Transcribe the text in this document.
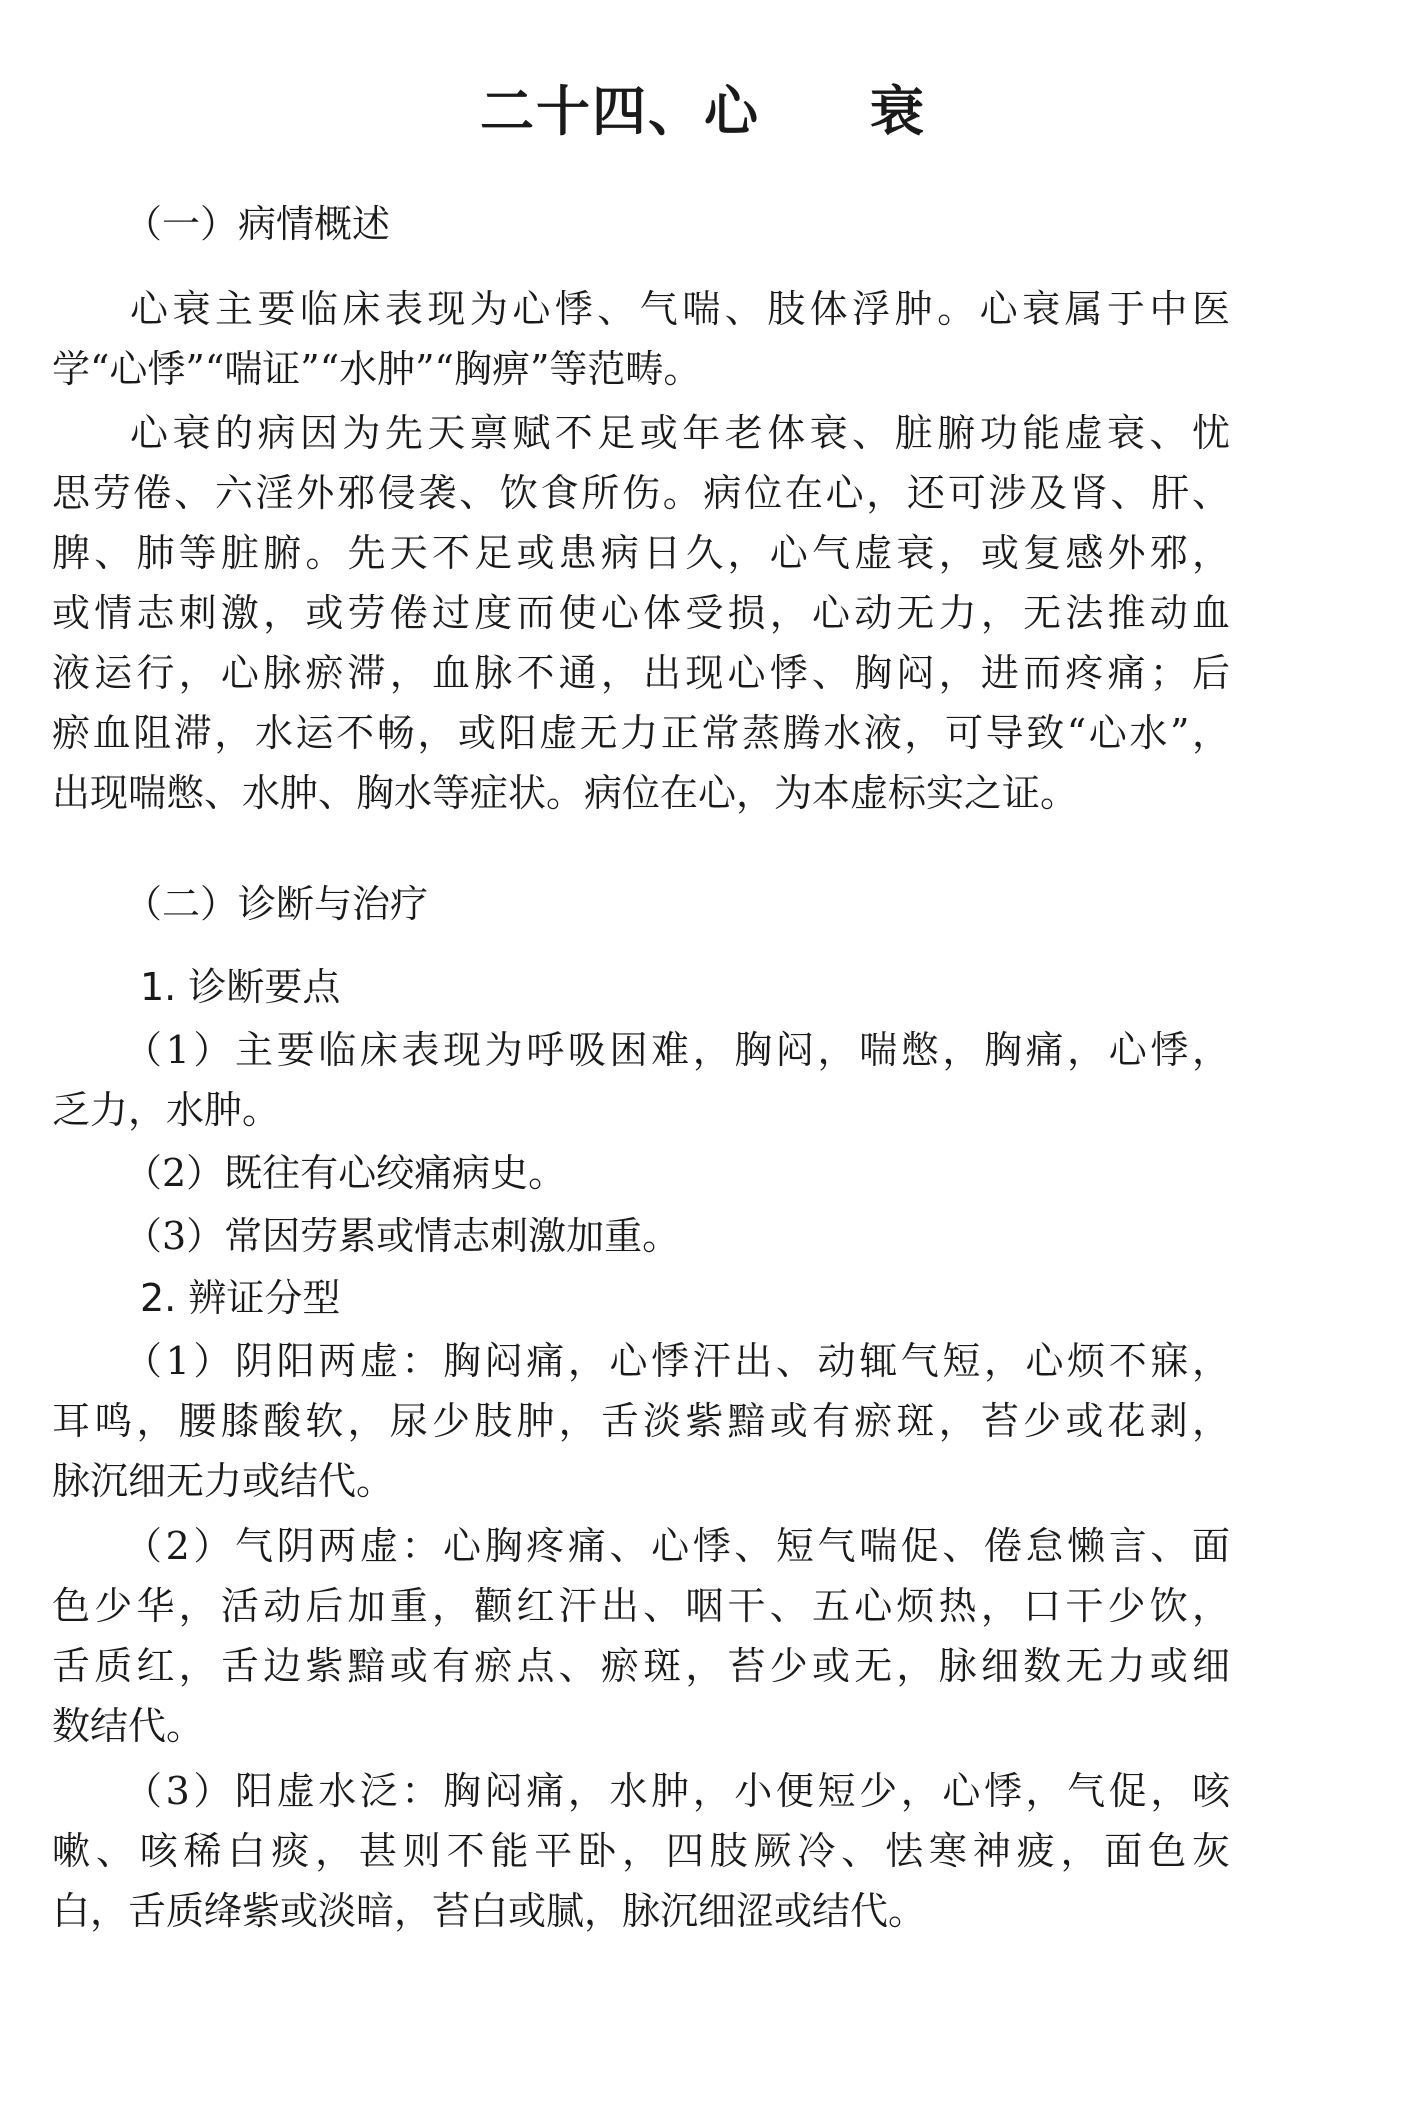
二十四、心 衰
（一）病情概述
心衰主要临床表现为心悸、气喘、肢体浮肿。心衰属于中医
学“心悸”“喘证”“水肿”“胸痹”等范畴。
心衰的病因为先天禀赋不足或年老体衰、脏腑功能虚衰、忧
思劳倦、六淫外邪侵袭、饮食所伤。病位在心，还可涉及肾、肝、
脾、肺等脏腑。先天不足或患病日久，心气虚衰，或复感外邪，
或情志刺激，或劳倦过度而使心体受损，心动无力，无法推动血
液运行，心脉瘀滞，血脉不通，出现心悸、胸闷，进而疼痛；后
瘀血阻滞，水运不畅，或阳虚无力正常蒸腾水液，可导致“心水”，
出现喘憋、水肿、胸水等症状。病位在心，为本虚标实之证。
（二）诊断与治疗
1. 诊断要点
（1）主要临床表现为呼吸困难，胸闷，喘憋，胸痛，心悸，
乏力，水肿。
（2）既往有心绞痛病史。
（3）常因劳累或情志刺激加重。
2. 辨证分型
（1）阴阳两虚：胸闷痛，心悸汗出、动辄气短，心烦不寐，
耳鸣，腰膝酸软，尿少肢肿，舌淡紫黯或有瘀斑，苔少或花剥，
脉沉细无力或结代。
（2）气阴两虚：心胸疼痛、心悸、短气喘促、倦怠懒言、面
色少华，活动后加重，颧红汗出、咽干、五心烦热，口干少饮，
舌质红，舌边紫黯或有瘀点、瘀斑，苔少或无，脉细数无力或细
数结代。
（3）阳虚水泛：胸闷痛，水肿，小便短少，心悸，气促，咳
嗽、咳稀白痰，甚则不能平卧，四肢厥冷、怯寒神疲，面色灰
白，舌质绛紫或淡暗，苔白或腻，脉沉细涩或结代。
